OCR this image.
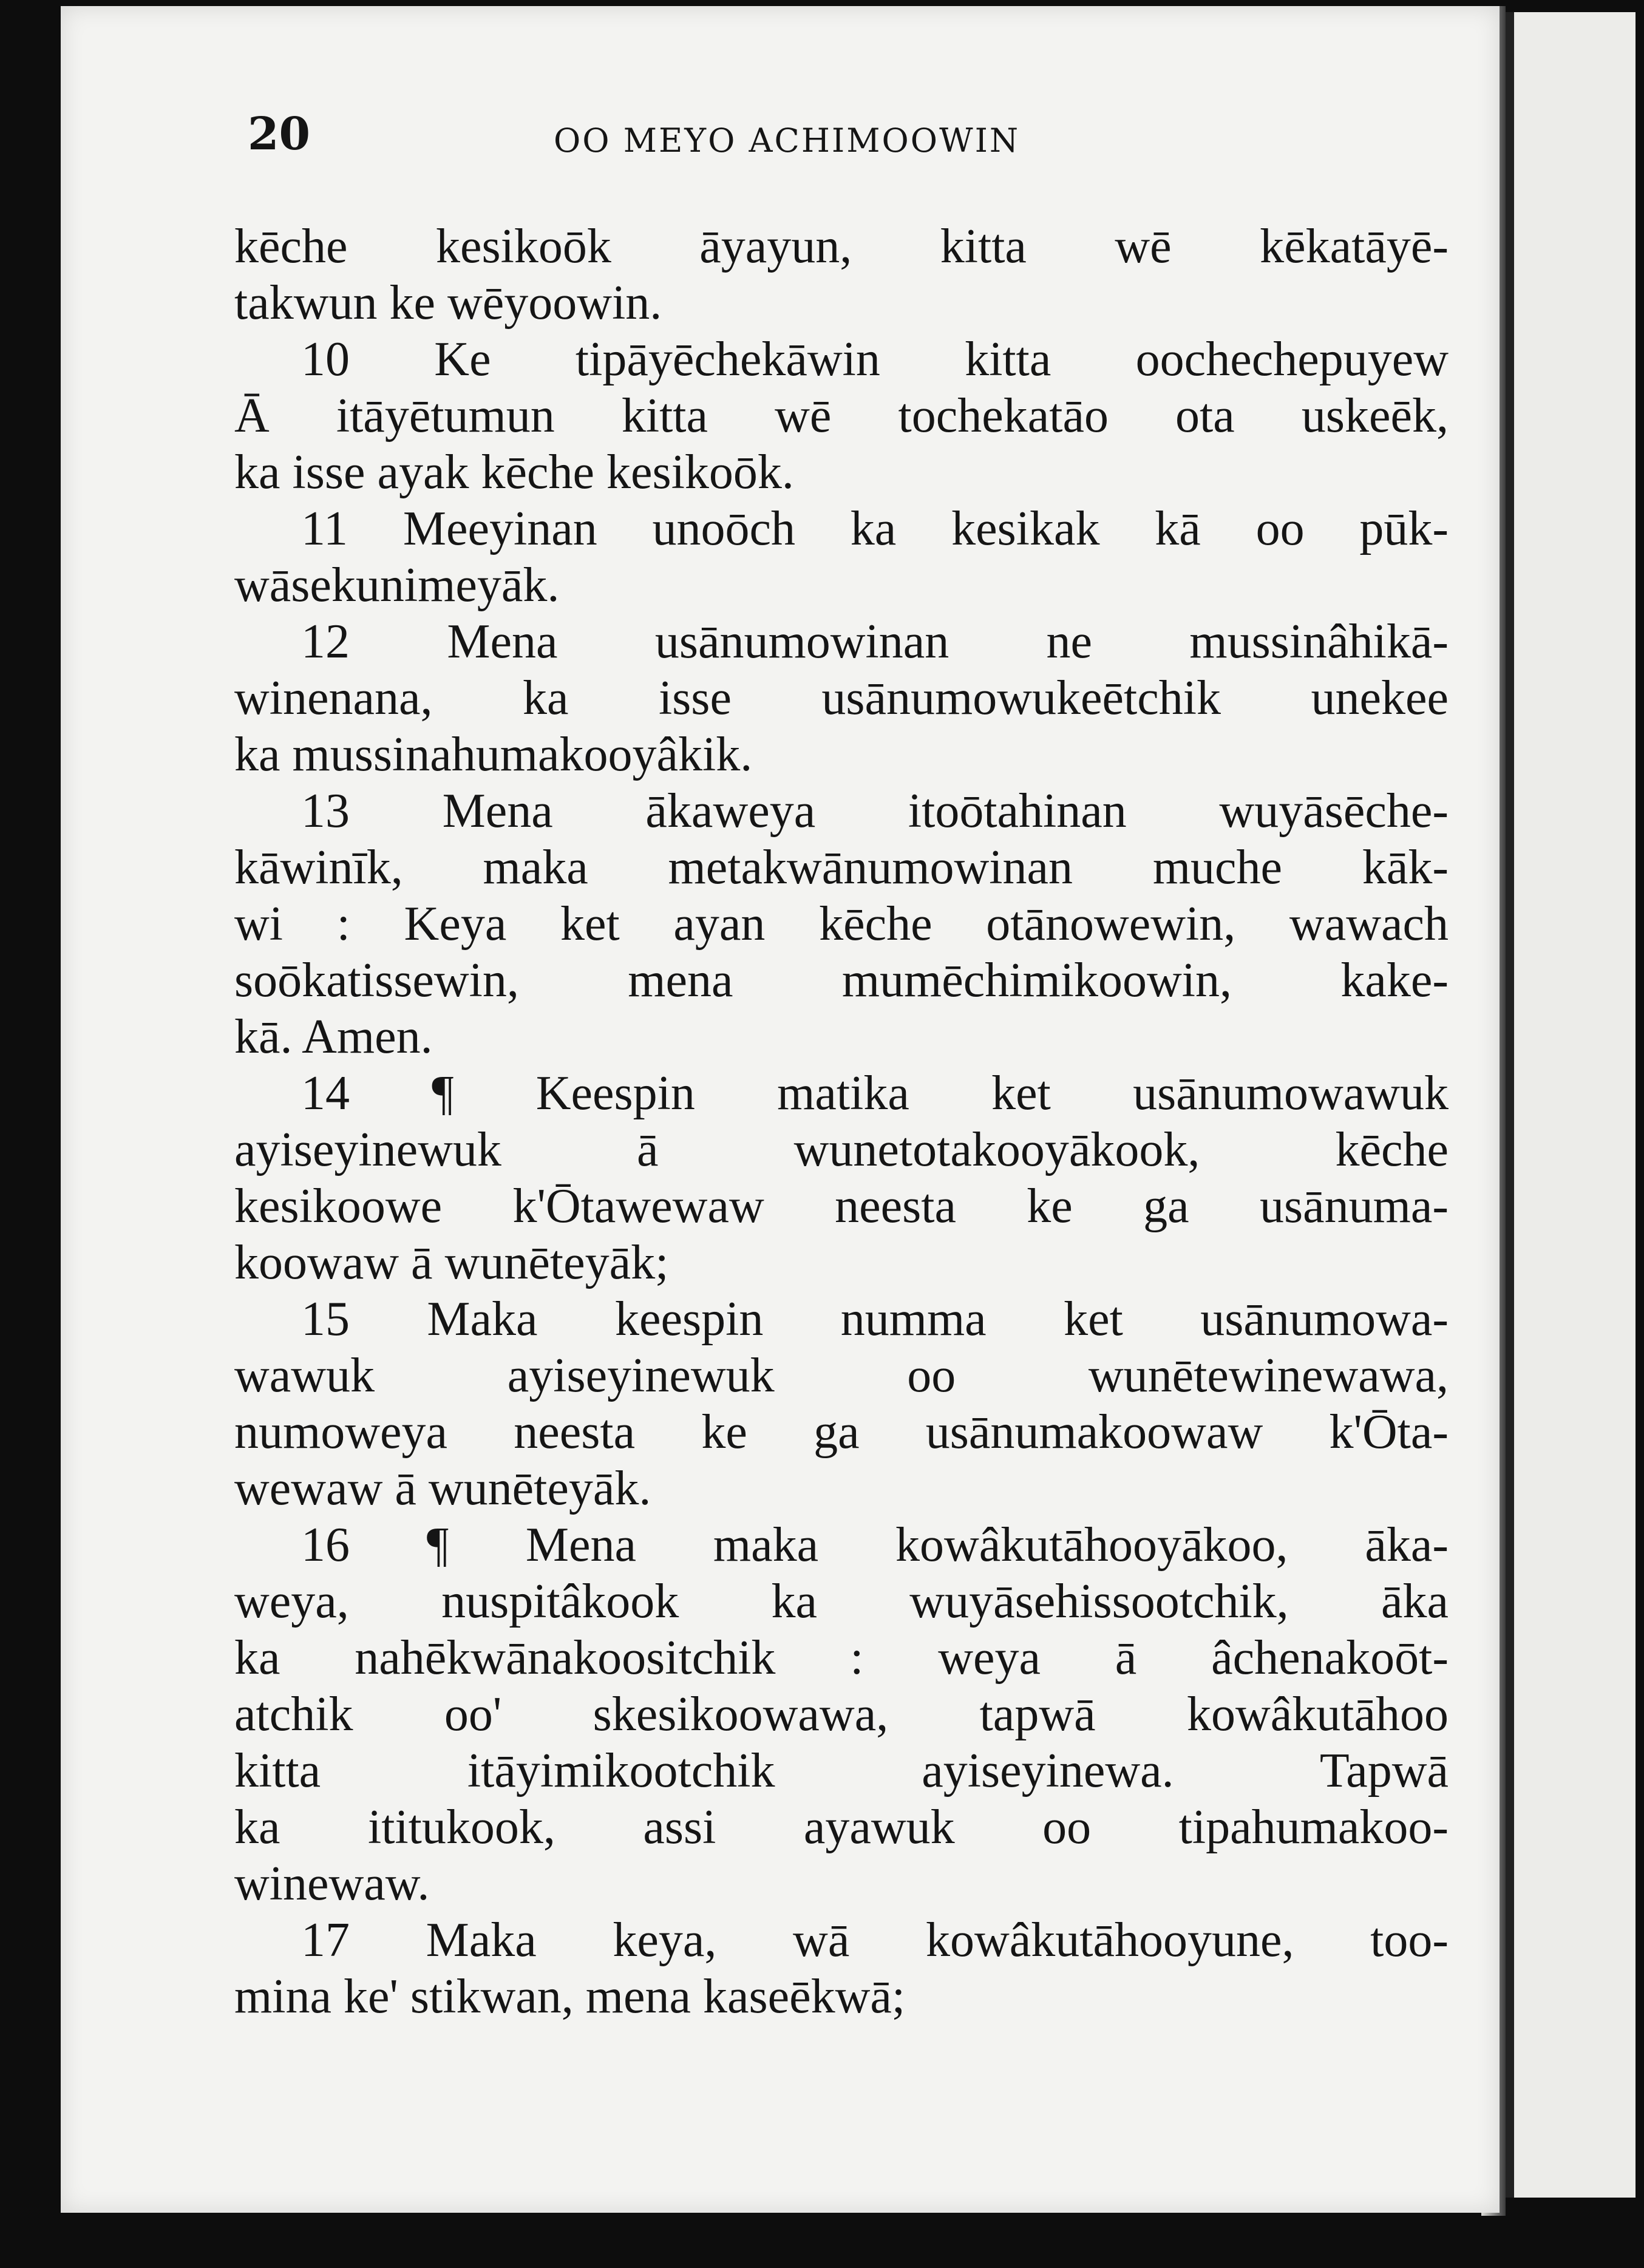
20	OO MEYO ACHIMOOWIN
kēche kesikoōk āyayun, kitta wē kēkatāyē-
takwun ke wēyoowin.
10 Ke tipāyēchekāwin kitta oochechepuyew
Ā itāyētumun kitta wē tochekatāo ota uskeēk,
ka isse ayak kēche kesikoōk.
11 Meeyinan unoōch ka kesikak kā oo pūk-
wāsekunimeyāk.
12 Mena usānumowinan ne mussinâhikā-
winenana, ka isse usānumowukeētchik unekee
ka mussinahumakooyâkik.
13 Mena ākaweya itoōtahinan wuyāsēche-
kāwinīk, maka metakwānumowinan muche kāk-
wi : Keya ket ayan kēche otānowewin, wawach
soōkatissewin, mena mumēchimikoowin, kake-
kā. Amen.
14 ¶ Keespin matika ket usānumowawuk
ayiseyinewuk ā wunetotakooyākook, kēche
kesikoowe k'Ōtawewaw neesta ke ga usānuma-
koowaw ā wunēteyāk;
15 Maka keespin numma ket usānumowa-
wawuk ayiseyinewuk oo wunētewinewawa,
numoweya neesta ke ga usānumakoowaw k'Ōta-
wewaw ā wunēteyāk.
16 ¶ Mena maka kowâkutāhooyākoo, āka-
weya, nuspitâkook ka wuyāsehissootchik, āka
ka nahēkwānakoositchik : weya ā âchenakoōt-
atchik oo' skesikoowawa, tapwā kowâkutāhoo
kitta itāyimikootchik ayiseyinewa. Tapwā
ka ititukook, assi ayawuk oo tipahumakoo-
winewaw.
17 Maka keya, wā kowâkutāhooyune, too-
mina ke' stikwan, mena kaseēkwā;
